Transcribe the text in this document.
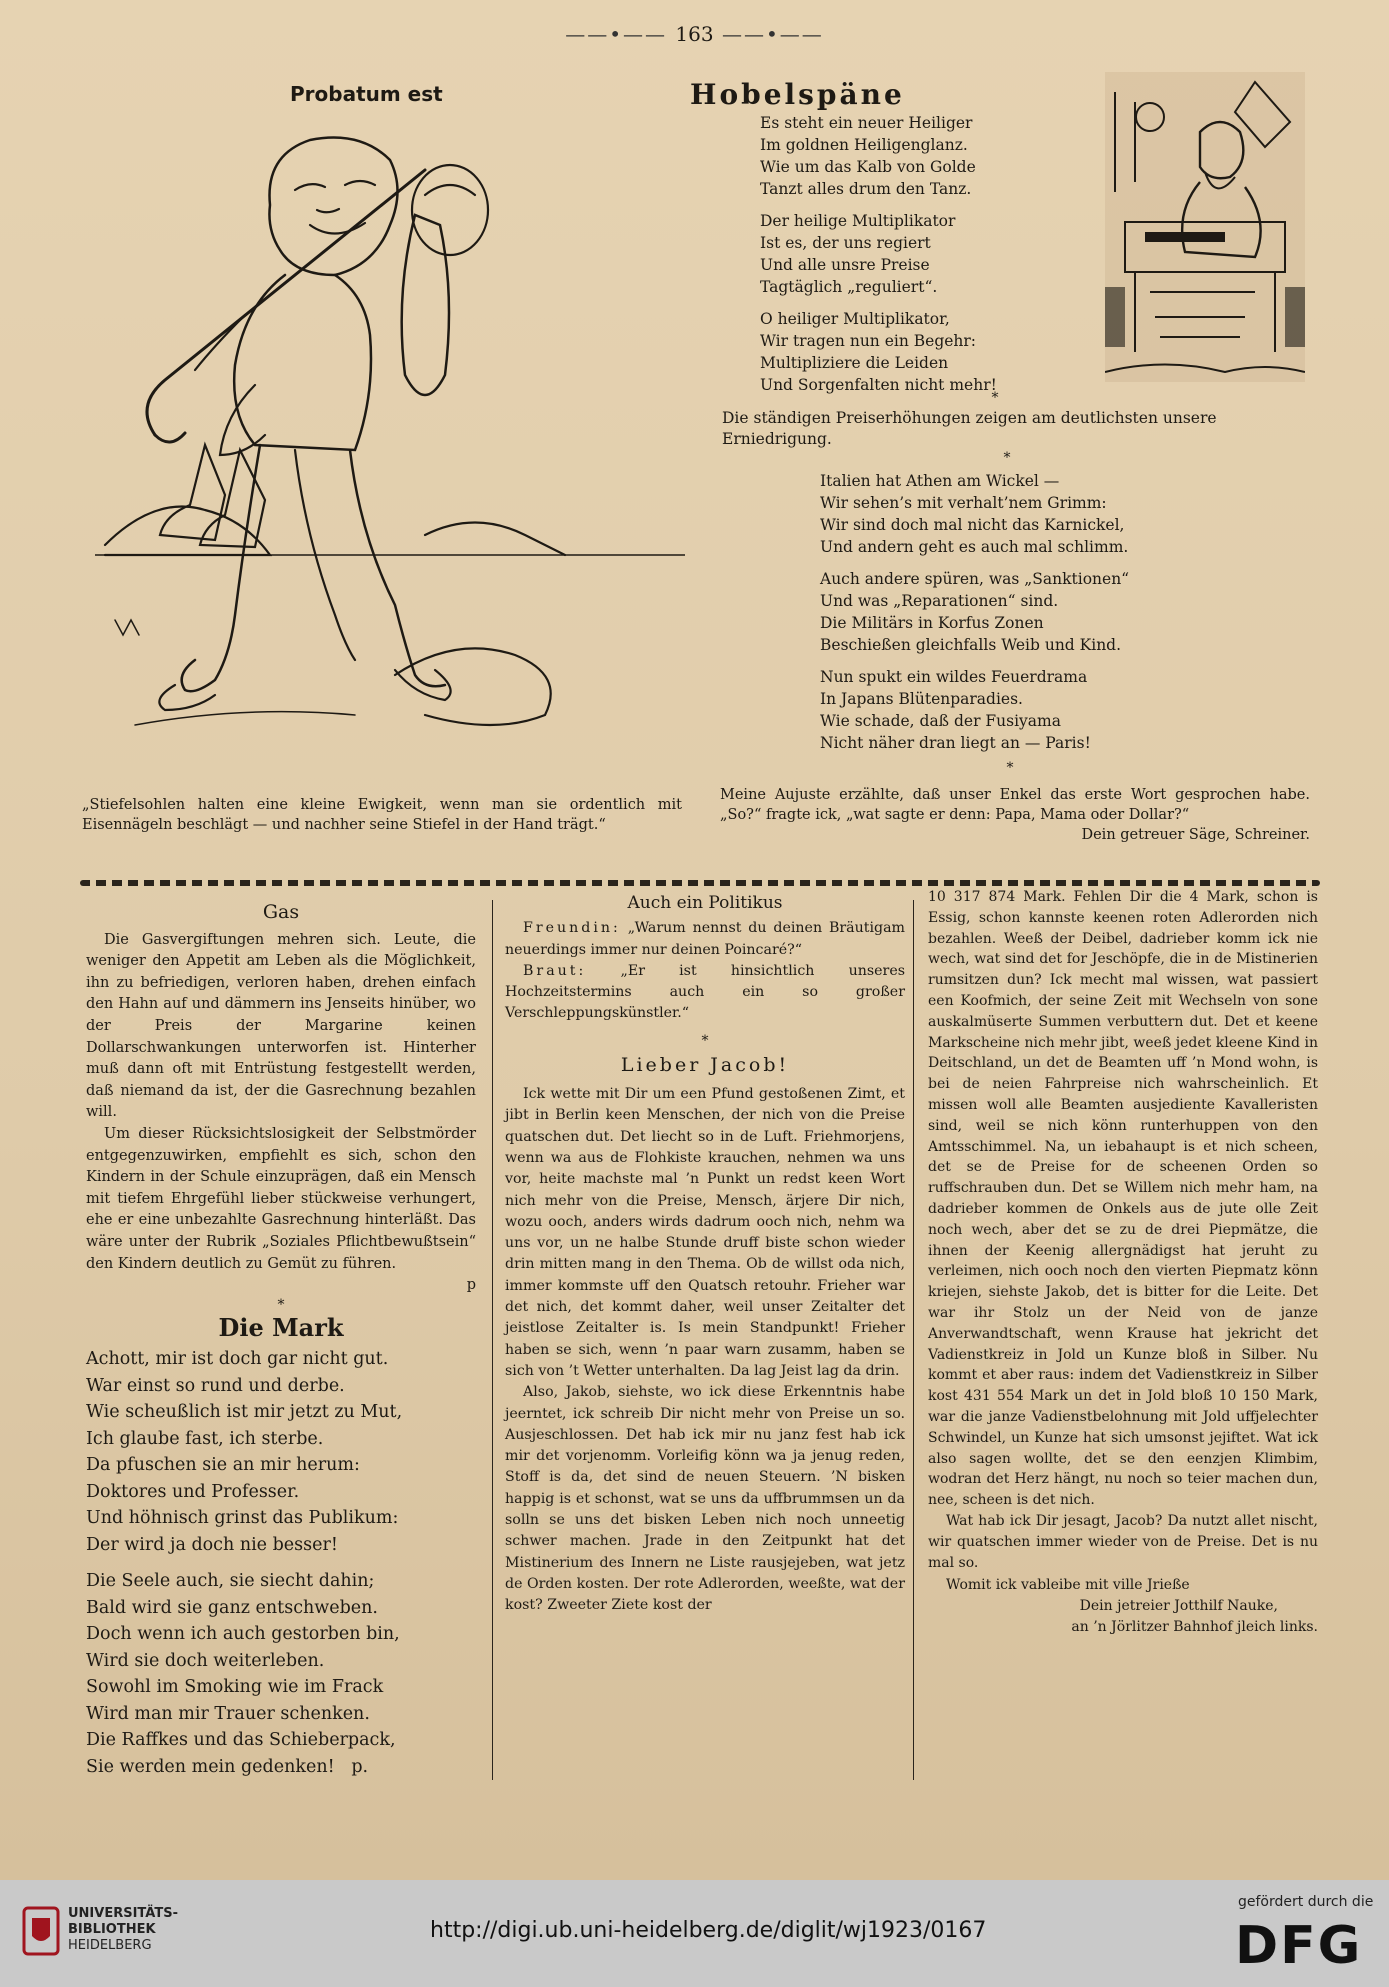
——•—— 163 ——•——
Probatum est	Hobelspäne

Es steht ein neuer Heiliger

Im goldnen Heiligenglanz.

Wie um das Kalb von Golde

Tanzt alles drum den Tanz.

Der heilige Multiplikator

Ist es, der uns regiert

Und alle unsre Preise

Tagtäglich „reguliert“.

O heiliger Multiplikator,

Wir tragen nun ein Begehr:

Multipliziere die Leiden

Und Sorgenfalten nicht mehr!

*
Die ständigen Preiserhöhungen zeigen am deutlichsten unsere Erniedrigung.
*

Italien hat Athen am Wickel —

Wir sehen’s mit verhalt’nem Grimm:

Wir sind doch mal nicht das Karnickel,

Und andern geht es auch mal schlimm.

Auch andere spüren, was „Sanktionen“

Und was „Reparationen“ sind.

Die Militärs in Korfus Zonen

Beschießen gleichfalls Weib und Kind.

Nun spukt ein wildes Feuerdrama

In Japans Blütenparadies.

Wie schade, daß der Fusiyama

Nicht näher dran liegt an — Paris!

*
Meine Aujuste erzählte, daß unser Enkel das erste Wort gesprochen habe. „So?“ fragte ick, „wat sagte er denn: Papa, Mama oder Dollar?“
Dein getreuer Säge, Schreiner.
„Stiefelsohlen halten eine kleine Ewigkeit, wenn man sie ordentlich mit Eisennägeln beschlägt — und nachher seine Stiefel in der Hand trägt.“
Gas

Die Gasvergiftungen mehren sich. Leute, die weniger den Appetit am Leben als die Möglichkeit, ihn zu befriedigen, verloren haben, drehen einfach den Hahn auf und dämmern ins Jenseits hinüber, wo der Preis der Margarine keinen Dollarschwankungen unterworfen ist. Hinterher muß dann oft mit Entrüstung festgestellt werden, daß niemand da ist, der die Gasrechnung bezahlen will.

Um dieser Rücksichtslosigkeit der Selbstmörder entgegenzuwirken, empfiehlt es sich, schon den Kindern in der Schule einzuprägen, daß ein Mensch mit tiefem Ehrgefühl lieber stückweise verhungert, ehe er eine unbezahlte Gasrechnung hinterläßt. Das wäre unter der Rubrik „Soziales Pflichtbewußtsein“ den Kindern deutlich zu Gemüt zu führen.

p

*
Die Mark

Achott, mir ist doch gar nicht gut.

War einst so rund und derbe.

Wie scheußlich ist mir jetzt zu Mut,

Ich glaube fast, ich sterbe.

Da pfuschen sie an mir herum:

Doktores und Professer.

Und höhnisch grinst das Publikum:

Der wird ja doch nie besser!

Die Seele auch, sie siecht dahin;

Bald wird sie ganz entschweben.

Doch wenn ich auch gestorben bin,

Wird sie doch weiterleben.

Sowohl im Smoking wie im Frack

Wird man mir Trauer schenken.

Die Raffkes und das Schieberpack,

Sie werden mein gedenken! p.

Auch ein Politikus

Freundin: „Warum nennst du deinen Bräutigam neuerdings immer nur deinen Poincaré?“

Braut: „Er ist hinsichtlich unseres Hochzeitstermins auch ein so großer Verschleppungskünstler.“

*
Lieber Jacob!

Ick wette mit Dir um een Pfund gestoßenen Zimt, et jibt in Berlin keen Menschen, der nich von die Preise quatschen dut. Det liecht so in de Luft. Friehmorjens, wenn wa aus de Flohkiste krauchen, nehmen wa uns vor, heite machste mal ’n Punkt un redst keen Wort nich mehr von die Preise, Mensch, ärjere Dir nich, wozu ooch, anders wirds dadrum ooch nich, nehm wa uns vor, un ne halbe Stunde druff biste schon wieder drin mitten mang in den Thema. Ob de willst oda nich, immer kommste uff den Quatsch retouhr. Frieher war det nich, det kommt daher, weil unser Zeitalter det jeistlose Zeitalter is. Is mein Standpunkt! Frieher haben se sich, wenn ’n paar warn zusamm, haben se sich von ’t Wetter unterhalten. Da lag Jeist lag da drin.

Also, Jakob, siehste, wo ick diese Erkenntnis habe jeerntet, ick schreib Dir nicht mehr von Preise un so. Ausjeschlossen. Det hab ick mir nu janz fest hab ick mir det vorjenomm. Vorleifig könn wa ja jenug reden, Stoff is da, det sind de neuen Steuern. ’N bisken happig is et schonst, wat se uns da uffbrummsen un da solln se uns det bisken Leben nich noch unneetig schwer machen. Jrade in den Zeitpunkt hat det Mistinerium des Innern ne Liste rausjejeben, wat jetz de Orden kosten. Der rote Adlerorden, weeßte, wat der kost? Zweeter Ziete kost der

10 317 874 Mark. Fehlen Dir die 4 Mark, schon is Essig, schon kannste keenen roten Adlerorden nich bezahlen. Weeß der Deibel, dadrieber komm ick nie wech, wat sind det for Jeschöpfe, die in de Mistinerien rumsitzen dun? Ick mecht mal wissen, wat passiert een Koofmich, der seine Zeit mit Wechseln von sone auskalmüserte Summen verbuttern dut. Det et keene Markscheine nich mehr jibt, weeß jedet kleene Kind in Deitschland, un det de Beamten uff ’n Mond wohn, is bei de neien Fahrpreise nich wahrscheinlich. Et missen woll alle Beamten ausjediente Kavalleristen sind, weil se nich könn runterhuppen von den Amtsschimmel. Na, un iebahaupt is et nich scheen, det se de Preise for de scheenen Orden so ruffschrauben dun. Det se Willem nich mehr ham, na dadrieber kommen de Onkels aus de jute olle Zeit noch wech, aber det se zu de drei Piepmätze, die ihnen der Keenig allergnädigst hat jeruht zu verleimen, nich ooch noch den vierten Piepmatz könn kriejen, siehste Jakob, det is bitter for die Leite. Det war ihr Stolz un der Neid von de janze Anverwandtschaft, wenn Krause hat jekricht det Vadienstkreiz in Jold un Kunze bloß in Silber. Nu kommt et aber raus: indem det Vadienstkreiz in Silber kost 431 554 Mark un det in Jold bloß 10 150 Mark, war die janze Vadienstbelohnung mit Jold uffjelechter Schwindel, un Kunze hat sich umsonst jejiftet. Wat ick also sagen wollte, det se den eenzjen Klimbim, wodran det Herz hängt, nu noch so teier machen dun, nee, scheen is det nich.

Wat hab ick Dir jesagt, Jacob? Da nutzt allet nischt, wir quatschen immer wieder von de Preise. Det is nu mal so.

Womit ick vableibe mit ville Jrieße

Dein jetreier Jotthilf Nauke,

an ’n Jörlitzer Bahnhof jleich links.

UNIVERSITÄTS-
BIBLIOTHEK
HEIDELBERG
http://digi.ub.uni-heidelberg.de/diglit/wj1923/0167
gefördert durch die
DFG
